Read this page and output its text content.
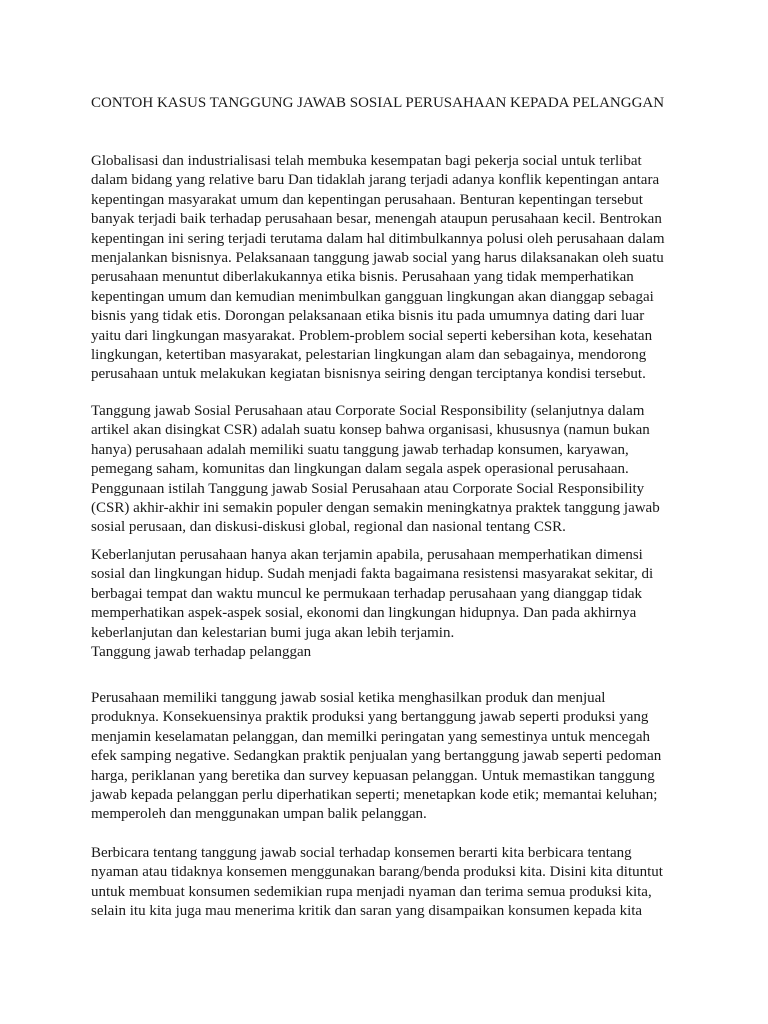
CONTOH KASUS TANGGUNG JAWAB SOSIAL PERUSAHAAN KEPADA PELANGGAN
Globalisasi dan industrialisasi telah membuka kesempatan bagi pekerja social untuk terlibat
dalam bidang yang relative baru Dan tidaklah jarang terjadi adanya konflik kepentingan antara
kepentingan masyarakat umum dan kepentingan perusahaan. Benturan kepentingan tersebut
banyak terjadi baik terhadap perusahaan besar, menengah ataupun perusahaan kecil. Bentrokan
kepentingan ini sering terjadi terutama dalam hal ditimbulkannya polusi oleh perusahaan dalam
menjalankan bisnisnya. Pelaksanaan tanggung jawab social yang harus dilaksanakan oleh suatu
perusahaan menuntut diberlakukannya etika bisnis. Perusahaan yang tidak memperhatikan
kepentingan umum dan kemudian menimbulkan gangguan lingkungan akan dianggap sebagai
bisnis yang tidak etis. Dorongan pelaksanaan etika bisnis itu pada umumnya dating dari luar
yaitu dari lingkungan masyarakat. Problem-problem social seperti kebersihan kota, kesehatan
lingkungan, ketertiban masyarakat, pelestarian lingkungan alam dan sebagainya, mendorong
perusahaan untuk melakukan kegiatan bisnisnya seiring dengan terciptanya kondisi tersebut.
Tanggung jawab Sosial Perusahaan atau Corporate Social Responsibility (selanjutnya dalam
artikel akan disingkat CSR) adalah suatu konsep bahwa organisasi, khususnya (namun bukan
hanya) perusahaan adalah memiliki suatu tanggung jawab terhadap konsumen, karyawan,
pemegang saham, komunitas dan lingkungan dalam segala aspek operasional perusahaan.
Penggunaan istilah Tanggung jawab Sosial Perusahaan atau Corporate Social Responsibility
(CSR) akhir-akhir ini semakin populer dengan semakin meningkatnya praktek tanggung jawab
sosial perusaan, dan diskusi-diskusi global, regional dan nasional tentang CSR.
Keberlanjutan perusahaan hanya akan terjamin apabila, perusahaan memperhatikan dimensi
sosial dan lingkungan hidup. Sudah menjadi fakta bagaimana resistensi masyarakat sekitar, di
berbagai tempat dan waktu muncul ke permukaan terhadap perusahaan yang dianggap tidak
memperhatikan aspek-aspek sosial, ekonomi dan lingkungan hidupnya. Dan pada akhirnya
keberlanjutan dan kelestarian bumi juga akan lebih terjamin.
Tanggung jawab terhadap pelanggan
Perusahaan memiliki tanggung jawab sosial ketika menghasilkan produk dan menjual
produknya. Konsekuensinya praktik produksi yang bertanggung jawab seperti produksi yang
menjamin keselamatan pelanggan, dan memilki peringatan yang semestinya untuk mencegah
efek samping negative. Sedangkan praktik penjualan yang bertanggung jawab seperti pedoman
harga, periklanan yang beretika dan survey kepuasan pelanggan. Untuk memastikan tanggung
jawab kepada pelanggan perlu diperhatikan seperti; menetapkan kode etik; memantai keluhan;
memperoleh dan menggunakan umpan balik pelanggan.
Berbicara tentang tanggung jawab social terhadap konsemen berarti kita berbicara tentang
nyaman atau tidaknya konsemen menggunakan barang/benda produksi kita. Disini kita dituntut
untuk membuat konsumen sedemikian rupa menjadi nyaman dan terima semua produksi kita,
selain itu kita juga mau menerima kritik dan saran yang disampaikan konsumen kepada kita
